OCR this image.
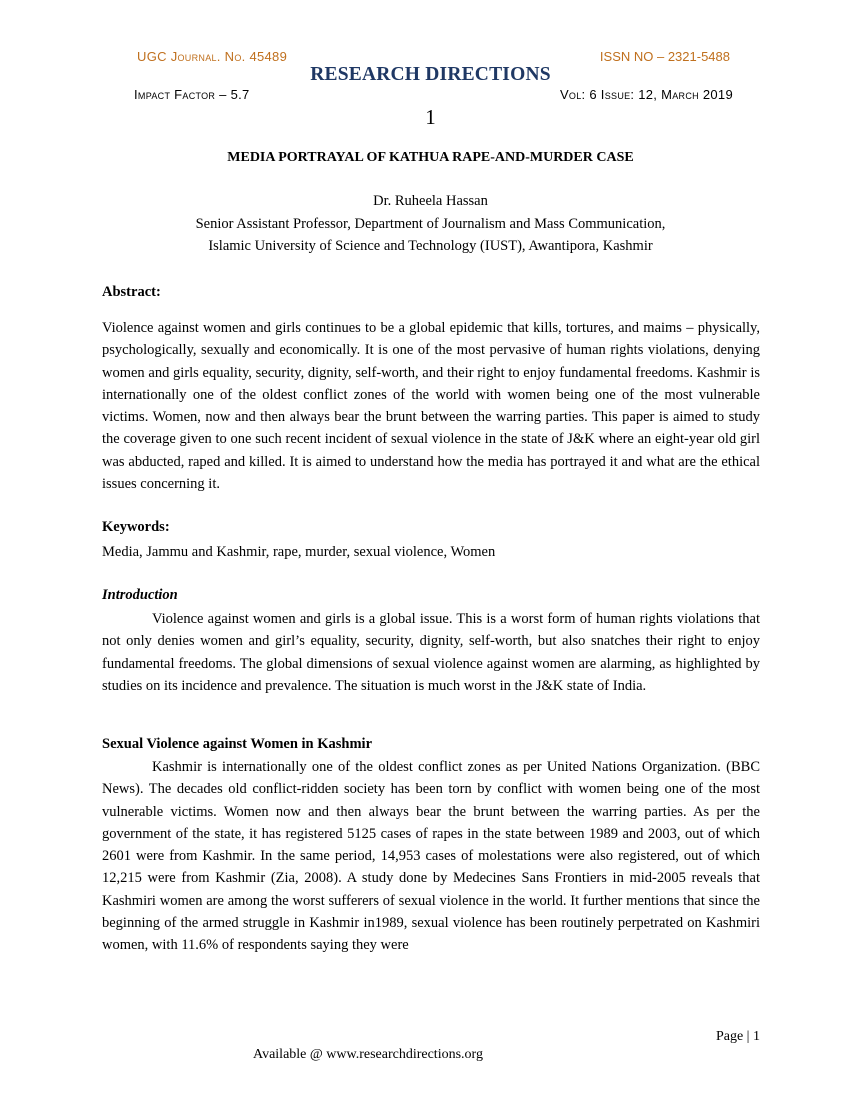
UGC Journal. No. 45489	ISSN NO – 2321-5488
RESEARCH DIRECTIONS
Impact Factor – 5.7	Vol: 6 Issue: 12, March 2019
1
MEDIA PORTRAYAL OF KATHUA RAPE-AND-MURDER CASE
Dr. Ruheela Hassan
Senior Assistant Professor, Department of Journalism and Mass Communication,
Islamic University of Science and Technology (IUST), Awantipora, Kashmir
Abstract:
Violence against women and girls continues to be a global epidemic that kills, tortures, and maims – physically, psychologically, sexually and economically. It is one of the most pervasive of human rights violations, denying women and girls equality, security, dignity, self-worth, and their right to enjoy fundamental freedoms. Kashmir is internationally one of the oldest conflict zones of the world with women being one of the most vulnerable victims. Women, now and then always bear the brunt between the warring parties. This paper is aimed to study the coverage given to one such recent incident of sexual violence in the state of J&K where an eight-year old girl was abducted, raped and killed. It is aimed to understand how the media has portrayed it and what are the ethical issues concerning it.
Keywords:
Media, Jammu and Kashmir, rape, murder, sexual violence, Women
Introduction
Violence against women and girls is a global issue. This is a worst form of human rights violations that not only denies women and girl’s equality, security, dignity, self-worth, but also snatches their right to enjoy fundamental freedoms. The global dimensions of sexual violence against women are alarming, as highlighted by studies on its incidence and prevalence. The situation is much worst in the J&K state of India.
Sexual Violence against Women in Kashmir
Kashmir is internationally one of the oldest conflict zones as per United Nations Organization. (BBC News). The decades old conflict-ridden society has been torn by conflict with women being one of the most vulnerable victims. Women now and then always bear the brunt between the warring parties. As per the government of the state, it has registered 5125 cases of rapes in the state between 1989 and 2003, out of which 2601 were from Kashmir. In the same period, 14,953 cases of molestations were also registered, out of which 12,215 were from Kashmir (Zia, 2008). A study done by Medecines Sans Frontiers in mid-2005 reveals that Kashmiri women are among the worst sufferers of sexual violence in the world. It further mentions that since the beginning of the armed struggle in Kashmir in1989, sexual violence has been routinely perpetrated on Kashmiri women, with 11.6% of respondents saying they were
Page | 1
Available @ www.researchdirections.org
